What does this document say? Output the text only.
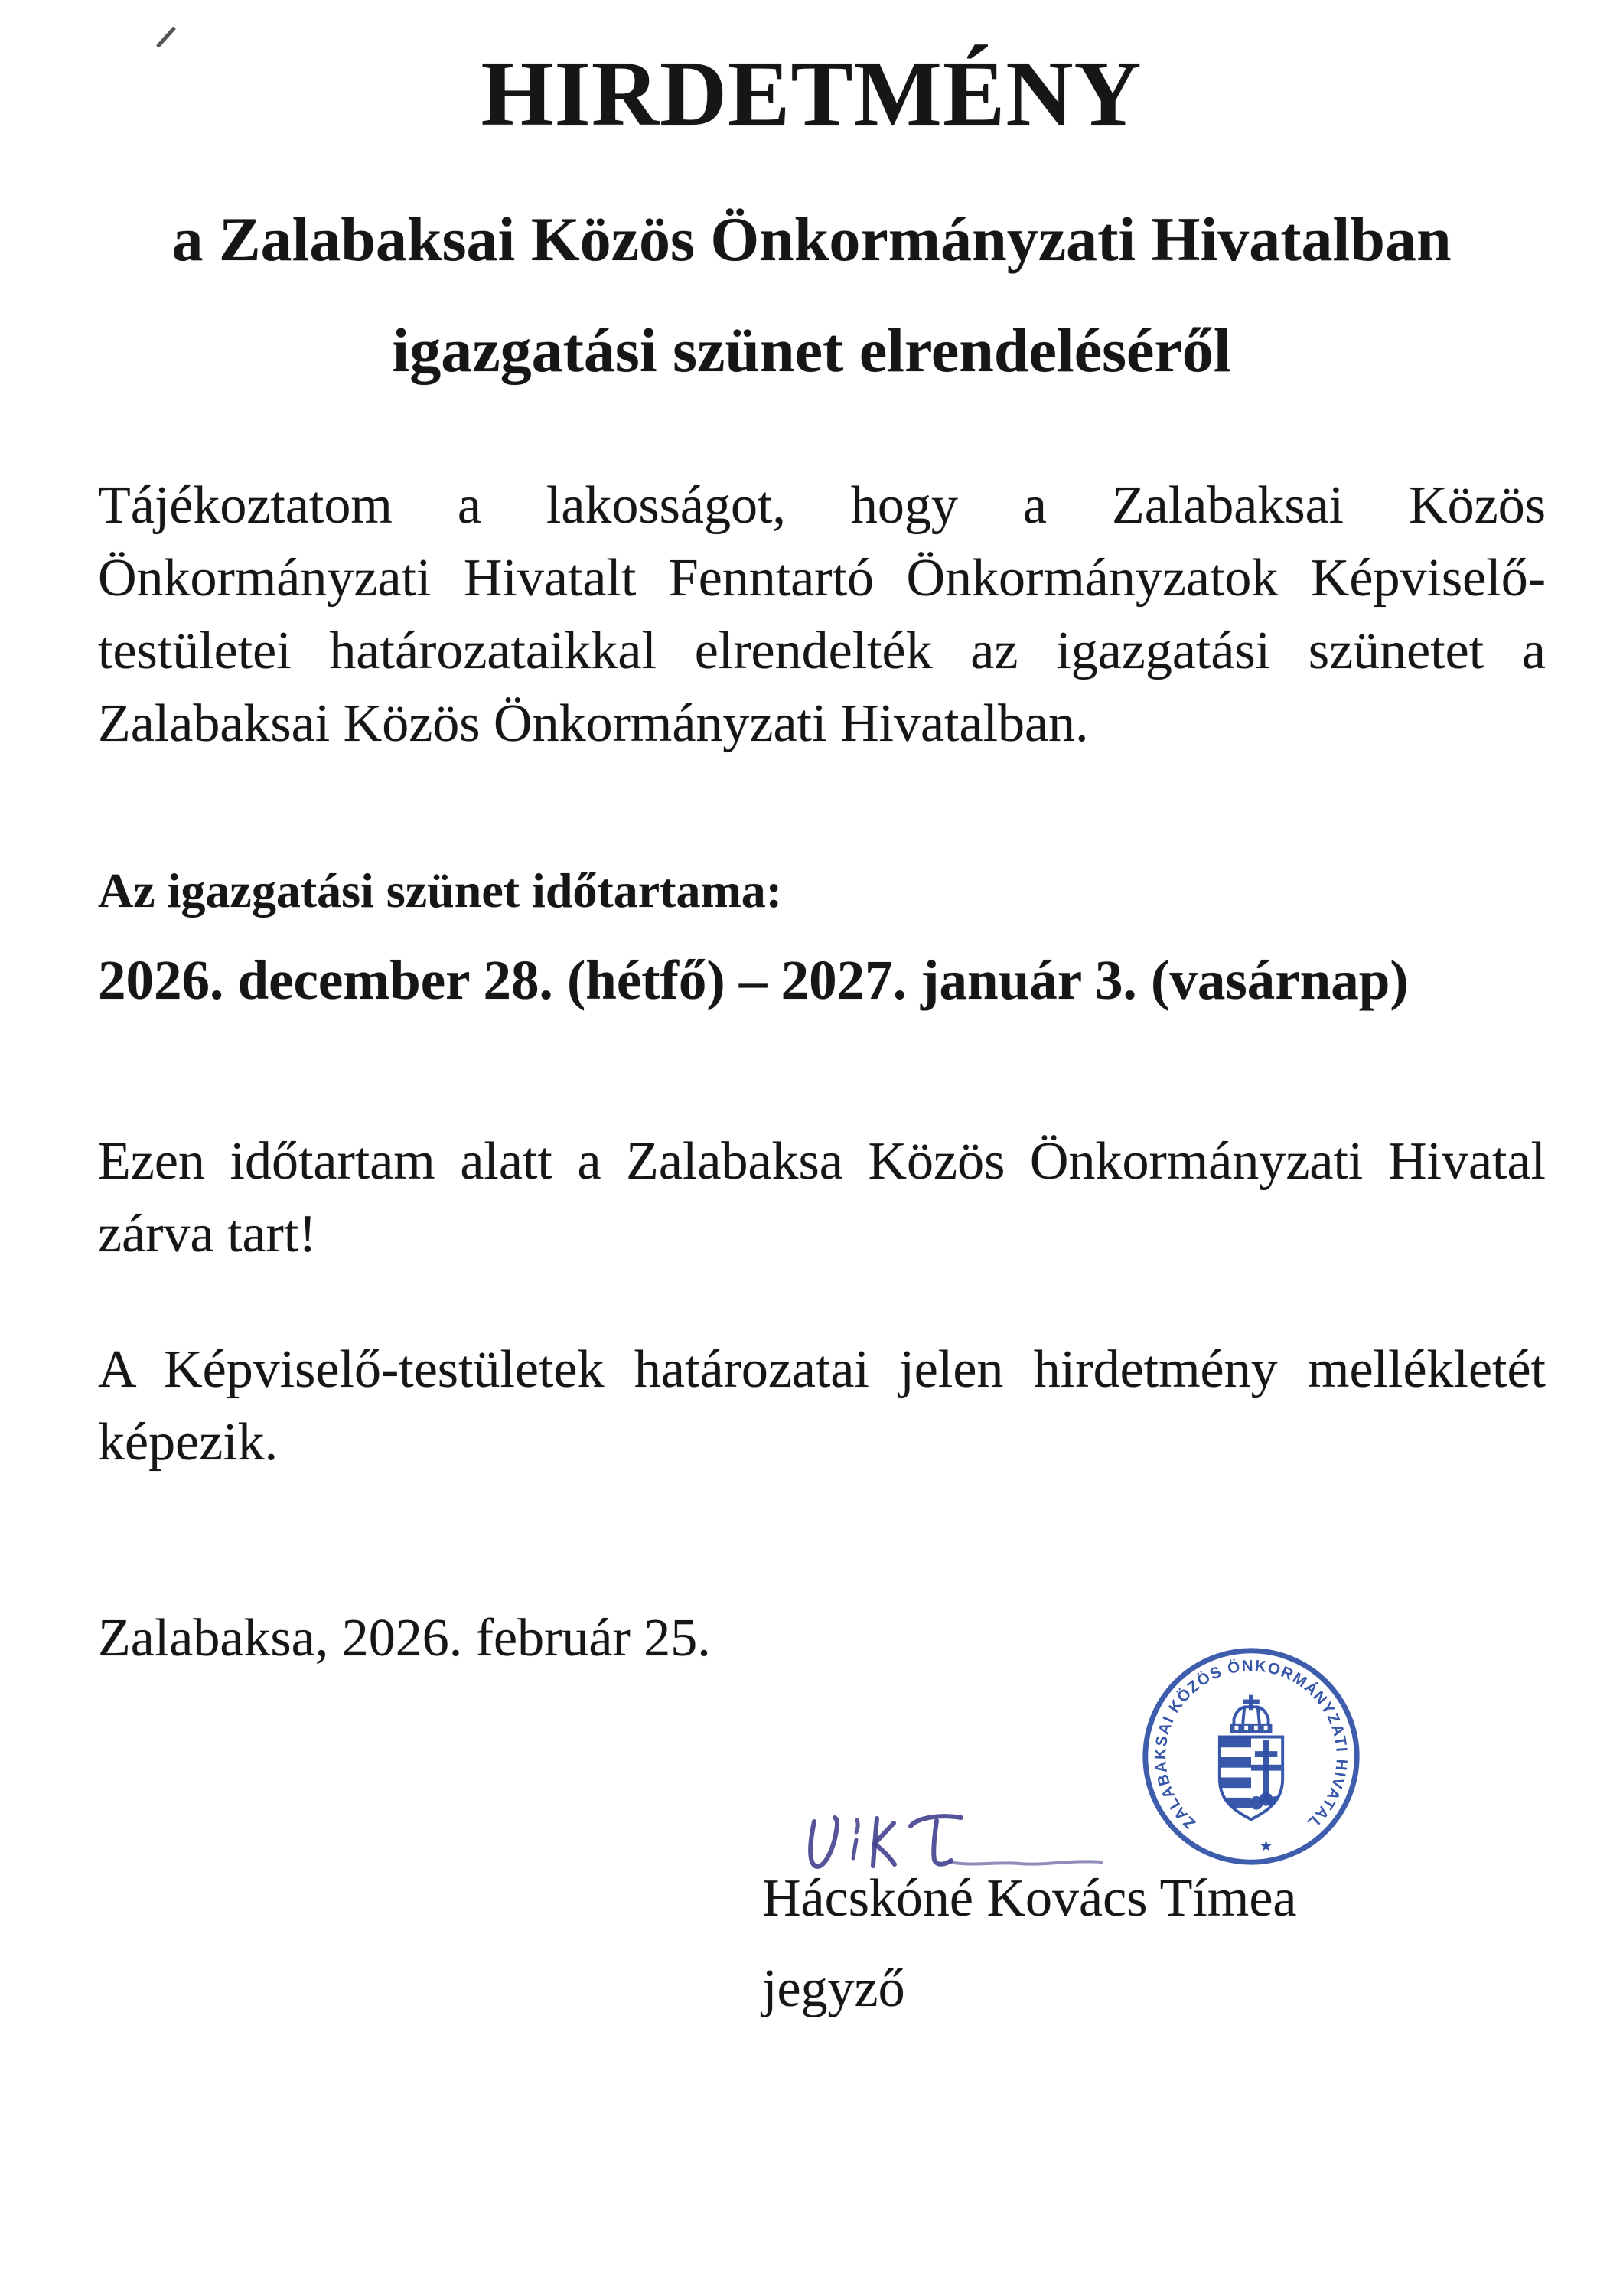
HIRDETMÉNY
a Zalabaksai Közös Önkormányzati Hivatalban
igazgatási szünet elrendeléséről
Tájékoztatom a lakosságot, hogy a Zalabaksai Közös
Önkormányzati Hivatalt Fenntartó Önkormányzatok Képviselő-
testületei határozataikkal elrendelték az igazgatási szünetet a
Zalabaksai Közös Önkormányzati Hivatalban.
Az igazgatási szünet időtartama:
2026. december 28. (hétfő) – 2027. január 3. (vasárnap)
Ezen időtartam alatt a Zalabaksa Közös Önkormányzati Hivatal
zárva tart!
A Képviselő-testületek határozatai jelen hirdetmény mellékletét
képezik.
Zalabaksa, 2026. február 25.
ZALABAKSAI KÖZÖS ÖNKORMÁNYZATI HIVATAL
★
Hácskóné Kovács Tímea
jegyző
